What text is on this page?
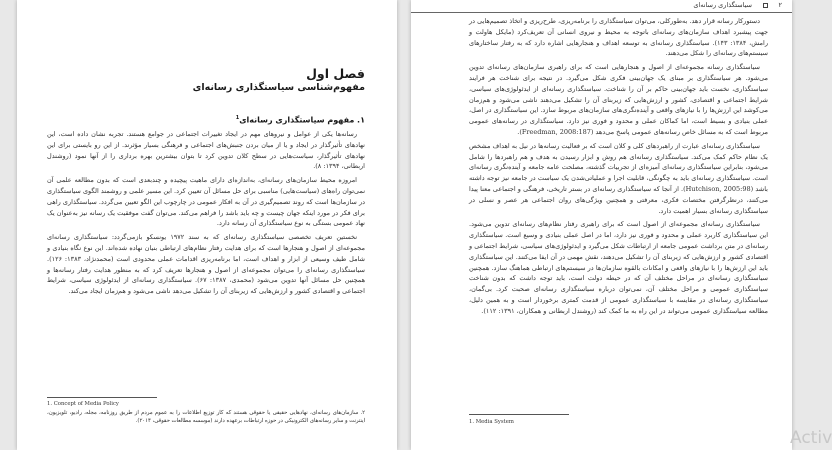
فصل اول
مفهوم‌شناسی سیاستگذاری رسانه‌ای
۱. مفهوم سیاستگذاری رسانه‌ای$^1$

رسانه‌ها یکی از عوامل و نیروهای مهم در ایجاد تغییرات اجتماعی در جوامع هستند. تجربه نشان داده است، این نهادهای تأثیرگذار در ایجاد و یا از میان بردن جنبش‌های اجتماعی و فرهنگی بسیار مؤثرند. از این رو بایستی برای این نهادهای تأثیرگذار، سیاست‌هایی در سطح کلان تدوین کرد تا بتوان بیشترین بهره برداری را از آنها نمود (روشندل اربطانی، ۱۳۹۴: ۸).

امروزه محیط سازمان‌های رسانه‌ای، به‌اندازه‌ای دارای ماهیت پیچیده و چندبعدی است که بدون مطالعه علمی آن نمی‌توان راه‌های (سیاست‌هایی) مناسبی برای حل مسائل آن تعیین کرد. این مسیر علمی و روشمند الگوی سیاستگذاری در سازمان‌ها است که روند تصمیم‌گیری در آن به افکار عمومی در چارچوب این الگو تعیین می‌گردد. سیاستگذاری راهی برای فکر در مورد اینکه جهان چیست و چه باید باشد را فراهم می‌کند. می‌توان گفت موفقیت یک رسانه نیز به‌عنوان یک نهاد عمومی بستگی به نوع سیاستگذاری آن رسانه دارد.

نخستین تعریف تخصصی سیاستگذاری رسانه‌ای که به سند ۱۹۷۲ یونسکو بازمی‌گردد: سیاستگذاری رسانه‌ای مجموعه‌ای از اصول و هنجارها است که برای هدایت رفتار نظام‌های ارتباطی بنیان نهاده شده‌اند. این نوع نگاه بنیادی و شامل طیف وسیعی از ابزار و اهداف است، اما برنامه‌ریزی اقدامات عملی محدودی است (محمدنژاد، ۱۳۸۳: ۱۲۶). سیاستگذاری رسانه‌ای را می‌توان مجموعه‌ای از اصول و هنجارها تعریف کرد که به منظور هدایت رفتار رسانه‌ها و همچنین حل مسائل آنها تدوین می‌شود (محمدی، ۱۳۸۷: ۶۷). سیاستگذاری رسانه‌ای از ایدئولوژی سیاسی، شرایط اجتماعی و اقتصادی کشور و ارزش‌هایی که زیربنای آن را تشکیل می‌دهد ناشی می‌شود و هم‌زمان ایجاد می‌کند.

1. Concept of Media Policy
۲. سازمان‌های رسانه‌ای، نهادهایی حقیقی یا حقوقی هستند که کار توزیع اطلاعات را به عموم مردم از طریق روزنامه، مجله، رادیو، تلویزیون، اینترنت و سایر رسانه‌های الکترونیکی در حوزه ارتباطات برعهده دارند (موسسه مطالعات حقوقی، ۲۰۱۴).
۲
سیاستگذاری رسانه‌ای

دستورکار رسانه قرار دهد. به‌طورکلی، می‌توان سیاستگذاری را برنامه‌ریزی، طرح‌ریزی و اتخاذ تصمیم‌هایی در جهت پیشبرد اهداف سازمان‌های رسانه‌ای باتوجه به محیط و نیروی انسانی آن تعریف‌کرد (مایکل هاولت و رامش، ۱۳۸۴: ۱۴۳). سیاستگذاری رسانه‌ای به توسعه اهداف و هنجارهایی اشاره دارد که به رفتار ساختارهای سیستم‌های رسانه‌ای را شکل می‌دهند.

سیاستگذاری رسانه مجموعه‌ای از اصول و هنجارهایی است که برای راهبری سازمان‌های رسانه‌ای تدوین می‌شود. هر سیاستگذاری بر مبنای یک جهان‌بینی فکری شکل می‌گیرد. در نتیجه برای شناخت هر فرایند سیاستگذاری، نخست باید جهان‌بینی حاکم بر آن را شناخت. سیاستگذاری رسانه‌ای از ایدئولوژی‌های سیاسی، شرایط اجتماعی و اقتصادی، کشور و ارزش‌هایی که زیربنای آن را تشکیل می‌دهند ناشی می‌شود و هم‌زمان می‌کوشد این ارزش‌ها را با نیازهای واقعی و آینده‌نگری‌های سازمان‌های مربوط سازد. این سیاستگذاری در اصل، عملی بنیادی و بسیط است، اما کماکان عملی و محدود و فوری نیز دارد. سیاستگذاری در رسانه‌های عمومی مربوط است که به مسائل خاص رسانه‌های عمومی پاسخ می‌دهد (Freedman, 2008:187).

سیاستگذاری رسانه‌ای عبارت از راهبردهای کلی و کلان است که بر فعالیت رسانه‌ها در نیل به اهداف مشخص یک نظام حاکم کمک می‌کند. سیاستگذاری رسانه‌ای هم روش و ابزار رسیدن به هدف و هم راهبردها را شامل می‌شود، بنابراین سیاستگذاری رسانه‌ای آمیزه‌ای از تجربیات گذشته، مصلحت عامه جامعه و آینده‌نگری رسانه‌ای است. سیاستگذاری رسانه‌ای باید به چگونگی، قابلیت اجرا و عملیاتی‌شدن یک سیاست در جامعه نیز توجه داشته باشد (Hutchison, 2005:98). از آنجا که سیاستگذاری رسانه‌ای در بستر تاریخی، فرهنگی و اجتماعی معنا پیدا می‌کنند، درنظرگرفتن مختصات فکری، معرفتی و همچنین ویژگی‌های روان اجتماعی هر عصر و نسلی در سیاستگذاری رسانه‌ای بسیار اهمیت دارد.

سیاستگذاری رسانه‌ای مجموعه‌ای از اصول است که برای راهبری رفتار نظام‌های رسانه‌ای تدوین می‌شود. این سیاستگذاری کاربرد عملی و محدود و فوری نیز دارد، اما در اصل عملی بنیادی و وسیع است. سیاستگذاری رسانه‌ای در متن برداشت عمومی جامعه از ارتباطات شکل می‌گیرد و ایدئولوژی‌های سیاسی، شرایط اجتماعی و اقتصادی کشور و ارزش‌هایی که زیربنای آن را تشکیل می‌دهند، نقش مهمی در آن ایفا می‌کنند. این سیاستگذاری باید این ارزش‌ها را با نیازهای واقعی و امکانات بالقوه سازمان‌ها در سیستم‌های ارتباطی هماهنگ سازد. همچنین سیاستگذاری رسانه‌ای در مراحل مختلف آن که در حیطه دولت است، باید توجه داشت که بدون شناخت سیاستگذاری عمومی و مراحل مختلف آن، نمی‌توان درباره سیاستگذاری رسانه‌ای صحبت کرد. بی‌گمان، سیاستگذاری رسانه‌ای در مقایسه با سیاستگذاری عمومی از قدمت کمتری برخوردار است و به همین دلیل، مطالعه سیاستگذاری عمومی می‌تواند در این راه به ما کمک کند (روشندل اربطانی و همکاران، ۱۳۹۱: ۱۱۲).

1. Media System
Activ
